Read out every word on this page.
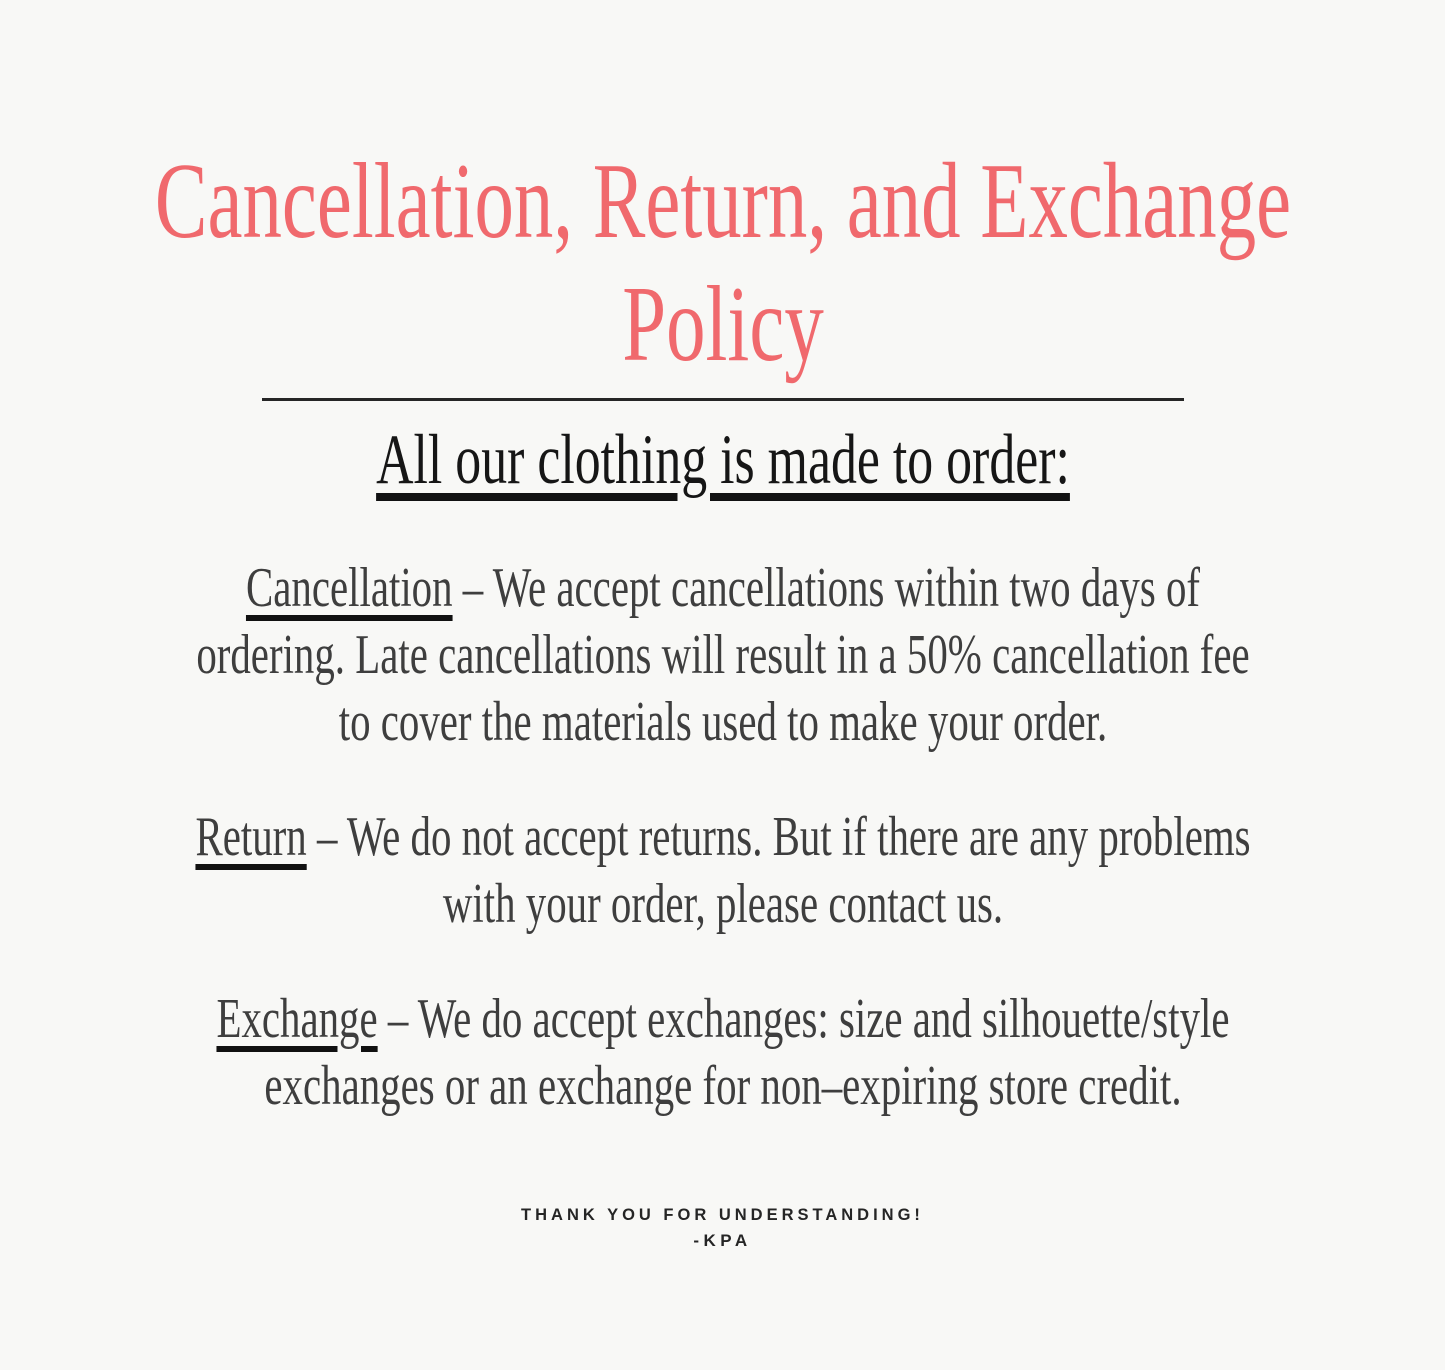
Cancellation, Return, and Exchange Policy
All our clothing is made to order:
Cancellation – We accept cancellations within two days of
ordering. Late cancellations will result in a 50% cancellation fee
to cover the materials used to make your order.
Return – We do not accept returns. But if there are any problems
with your order, please contact us.
Exchange – We do accept exchanges: size and silhouette/style
exchanges or an exchange for non–expiring store credit.
THANK YOU FOR UNDERSTANDING!
-KPA
